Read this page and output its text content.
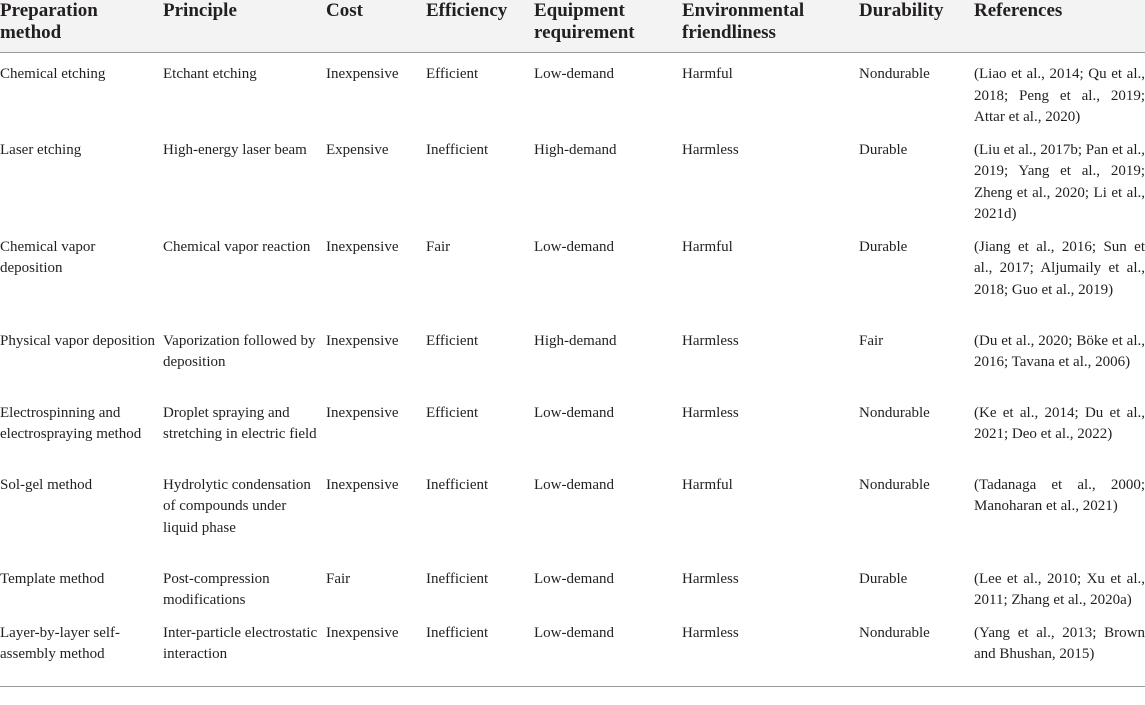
Preparation method	Principle	Cost	Efficiency	Equipment requirement	Environmental friendliness	Durability	References
Chemical etching	Etchant etching	Inexpensive	Efficient	Low-demand	Harmful	Nondurable	(Liao et al., 2014; Qu et al., 2018; Peng et al., 2019; Attar et al., 2020)
Laser etching	High-energy laser beam	Expensive	Inefficient	High-demand	Harmless	Durable	(Liu et al., 2017b; Pan et al., 2019; Yang et al., 2019; Zheng et al., 2020; Li et al., 2021d)
Chemical vapor deposition	Chemical vapor reaction	Inexpensive	Fair	Low-demand	Harmful	Durable	(Jiang et al., 2016; Sun et al., 2017; Aljumaily et al., 2018; Guo et al., 2019)
Physical vapor deposition	Vaporization followed by deposition	Inexpensive	Efficient	High-demand	Harmless	Fair	(Du et al., 2020; Böke et al., 2016; Tavana et al., 2006)
Electrospinning and electrospraying method	Droplet spraying and stretching in electric field	Inexpensive	Efficient	Low-demand	Harmless	Nondurable	(Ke et al., 2014; Du et al., 2021; Deo et al., 2022)
Sol-gel method	Hydrolytic condensation of compounds under liquid phase	Inexpensive	Inefficient	Low-demand	Harmful	Nondurable	(Tadanaga et al., 2000; Manoharan et al., 2021)
Template method	Post-compression modifications	Fair	Inefficient	Low-demand	Harmless	Durable	(Lee et al., 2010; Xu et al., 2011; Zhang et al., 2020a)
Layer-by-layer self-assembly method	Inter-particle electrostatic interaction	Inexpensive	Inefficient	Low-demand	Harmless	Nondurable	(Yang et al., 2013; Brown and Bhushan, 2015)
